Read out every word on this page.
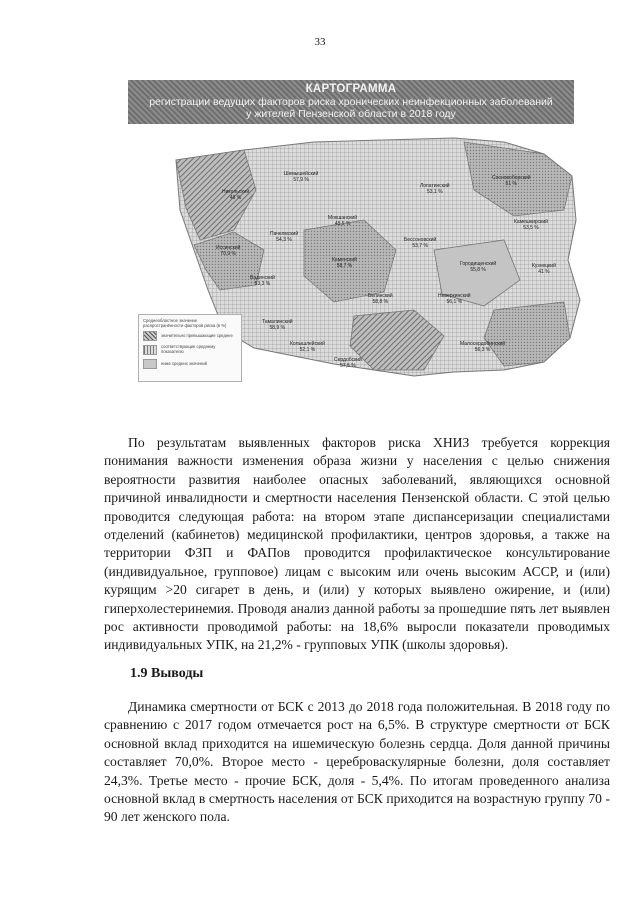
33
КАРТОГРАММА
регистрации ведущих факторов риска хронических неинфекционных заболеваний у жителей Пензенской области в 2018 году
Шемышейский
57,9 %	Сосновоборский
51 %
Никольский
48 %
Мокшанский
48,5 %
Бессоновский
53,7 %
Лопатинский
53,1 %
Камешкирский
53,5 %
Иссинский
70,9 %
Пачелмский
54,3 %
Каменский
58,7 %	Городищенский
55,8 %
Кузнецкий
41 %
Вадинский
53,3 %
Неверкинский
56,1 %
Белинский
58,8 %
Тамалинский
58,9 %
Сердобский
57,5 %
Малосердобинский
56,3 %
Колышлейский
52,1 %
Среднеобластное значение распространённости факторов риска (в %)
значительно превышающие среднее
соответствующие среднему показателю
ниже средних значений

По результатам выявленных факторов риска ХНИЗ требуется коррекция понимания важности изменения образа жизни у населения с целью снижения вероятности развития наиболее опасных заболеваний, являющихся основной причиной инвалидности и смертности населения Пензенской области. С этой целью проводится следующая работа: на втором этапе диспансеризации специалистами отделений (кабинетов) медицинской профилактики, центров здоровья, а также на территории ФЗП и ФАПов проводится профилактическое консультирование (индивидуальное, групповое) лицам с высоким или очень высоким АССР, и (или) курящим >20 сигарет в день, и (или) у которых выявлено ожирение, и (или) гиперхолестеринемия. Проводя анализ данной работы за прошедшие пять лет выявлен рос активности проводимой работы: на 18,6% выросли показатели проводимых индивидуальных УПК, на 21,2% - групповых УПК (школы здоровья).

1.9 Выводы

Динамика смертности от БСК с 2013 до 2018 года положительная. В 2018 году по сравнению с 2017 годом отмечается рост на 6,5%. В структуре смертности от БСК основной вклад приходится на ишемическую болезнь сердца. Доля данной причины составляет 70,0%. Второе место - цереброваскулярные болезни, доля составляет 24,3%. Третье место - прочие БСК, доля - 5,4%. По итогам проведенного анализа основной вклад в смертность населения от БСК приходится на возрастную группу 70 - 90 лет женского пола.
